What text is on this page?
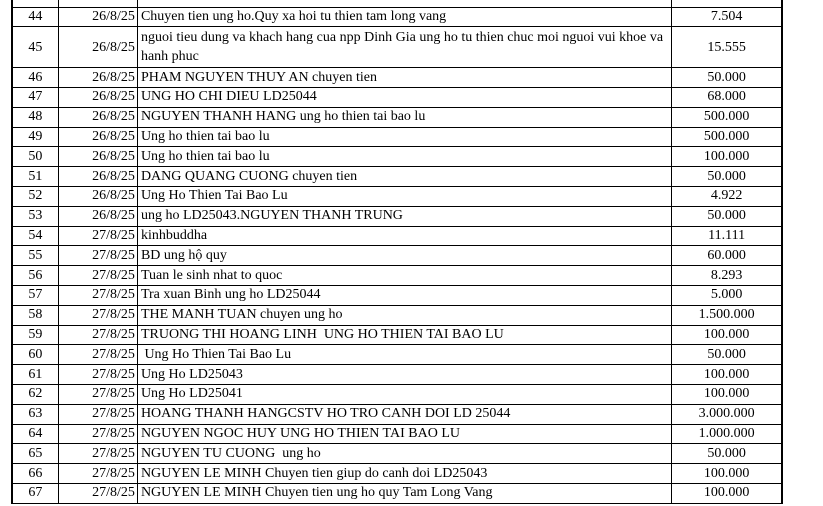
44	26/8/25	Chuyen tien ung ho.Quy xa hoi tu thien tam long vang	7.504
45	26/8/25	nguoi tieu dung va khach hang cua npp Dinh Gia ung ho tu thien chuc moi nguoi vui khoe va hanh phuc	15.555
46	26/8/25	PHAM NGUYEN THUY AN chuyen tien	50.000
47	26/8/25	UNG HO CHI DIEU LD25044	68.000
48	26/8/25	NGUYEN THANH HANG ung ho thien tai bao lu	500.000
49	26/8/25	Ung ho thien tai bao lu	500.000
50	26/8/25	Ung ho thien tai bao lu	100.000
51	26/8/25	DANG QUANG CUONG chuyen tien	50.000
52	26/8/25	Ung Ho Thien Tai Bao Lu	4.922
53	26/8/25	ung ho LD25043.NGUYEN THANH TRUNG	50.000
54	27/8/25	kinhbuddha	11.111
55	27/8/25	BD ung hộ quy	60.000
56	27/8/25	Tuan le sinh nhat to quoc	8.293
57	27/8/25	Tra xuan Binh ung ho LD25044	5.000
58	27/8/25	THE MANH TUAN chuyen ung ho	1.500.000
59	27/8/25	TRUONG THI HOANG LINH  UNG HO THIEN TAI BAO LU	100.000
60	27/8/25	Ung Ho Thien Tai Bao Lu	50.000
61	27/8/25	Ung Ho LD25043	100.000
62	27/8/25	Ung Ho LD25041	100.000
63	27/8/25	HOANG THANH HANGCSTV HO TRO CANH DOI LD 25044	3.000.000
64	27/8/25	NGUYEN NGOC HUY UNG HO THIEN TAI BAO LU	1.000.000
65	27/8/25	NGUYEN TU CUONG  ung ho	50.000
66	27/8/25	NGUYEN LE MINH Chuyen tien giup do canh doi LD25043	100.000
67	27/8/25	NGUYEN LE MINH Chuyen tien ung ho quy Tam Long Vang	100.000
